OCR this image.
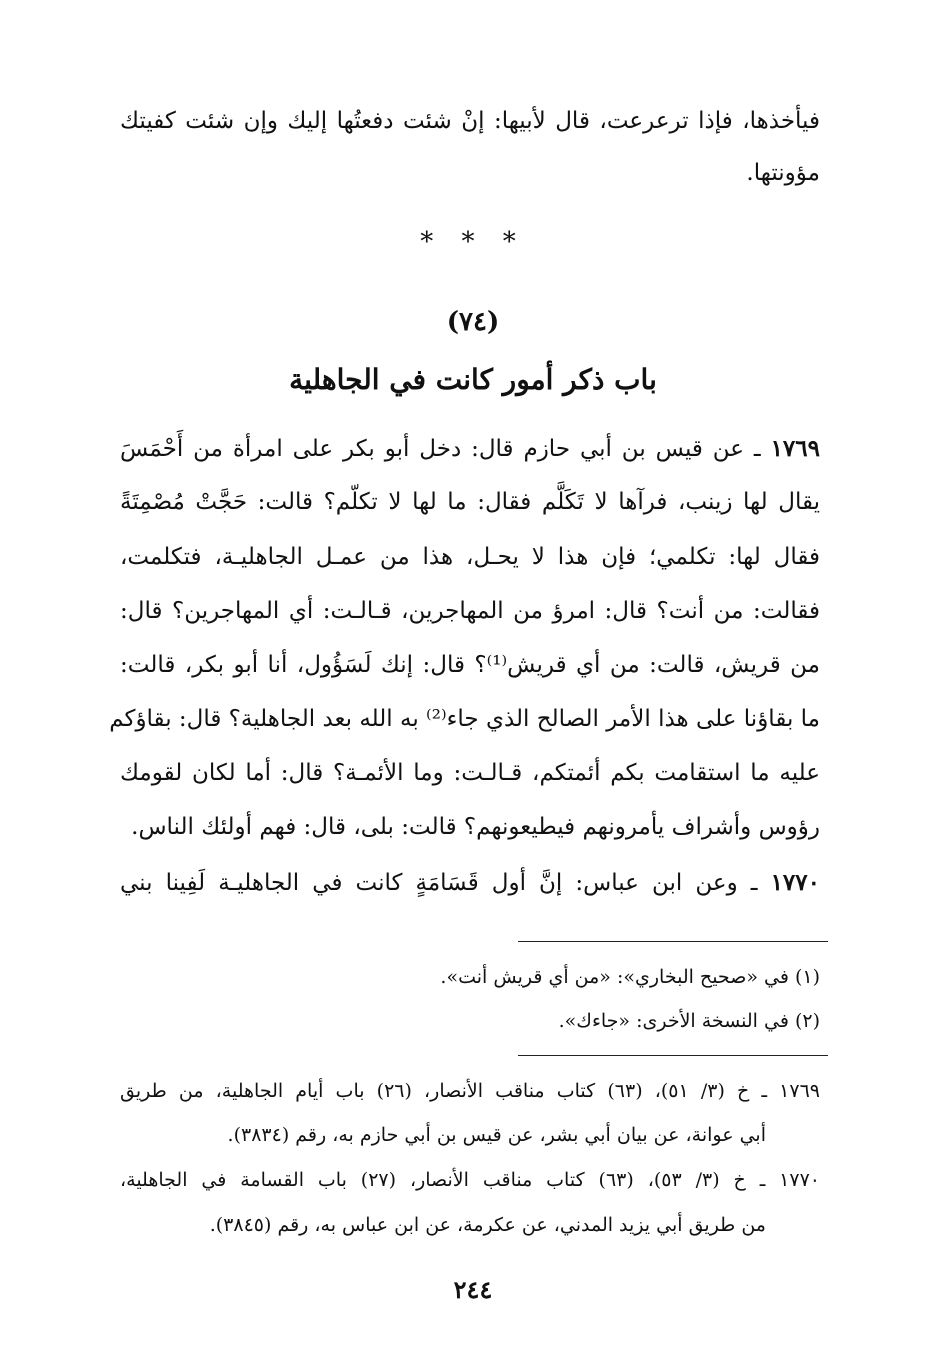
فيأخذها، فإذا ترعرعت، قال لأبيها: إنْ شئت دفعتُها إليك وإن شئت كفيتك
مؤونتها.
* * *
(٧٤)
باب ذكر أمور كانت في الجاهلية
١٧٦٩ ـ عن قيس بن أبي حازم قال: دخل أبو بكر على امرأة من أَحْمَسَ
يقال لها زينب، فرآها لا تَكَلَّم فقال: ما لها لا تكلّم؟ قالت: حَجَّتْ مُصْمِتَةً
فقال لها: تكلمي؛ فإن هذا لا يحـل، هذا من عمـل الجاهليـة، فتكلمت،
فقالت: من أنت؟ قال: امرؤ من المهاجرين، قـالـت: أي المهاجرين؟ قال:
من قريش، قالت: من أي قريش⁽¹⁾؟ قال: إنك لَسَؤُول، أنا أبو بكر، قالت:
ما بقاؤنا على هذا الأمر الصالح الذي جاء⁽²⁾ به الله بعد الجاهلية؟ قال: بقاؤكم
عليه ما استقامت بكم أئمتكم، قـالـت: وما الأئمـة؟ قال: أما لكان لقومك
رؤوس وأشراف يأمرونهم فيطيعونهم؟ قالت: بلى، قال: فهم أولئك الناس.
١٧٧٠ ـ وعن ابن عباس: إنَّ أول قَسَامَةٍ كانت في الجاهليـة لَفِينا بني
(١) في «صحيح البخاري»: «من أي قريش أنت».
(٢) في النسخة الأخرى: «جاءك».
١٧٦٩ ـ خ (٣/ ٥١)، (٦٣) كتاب مناقب الأنصار، (٢٦) باب أيام الجاهلية، من طريق
أبي عوانة، عن بيان أبي بشر، عن قيس بن أبي حازم به، رقم (٣٨٣٤).
١٧٧٠ ـ خ (٣/ ٥٣)، (٦٣) كتاب مناقب الأنصار، (٢٧) باب القسامة في الجاهلية،
من طريق أبي يزيد المدني، عن عكرمة، عن ابن عباس به، رقم (٣٨٤٥).
٢٤٤
